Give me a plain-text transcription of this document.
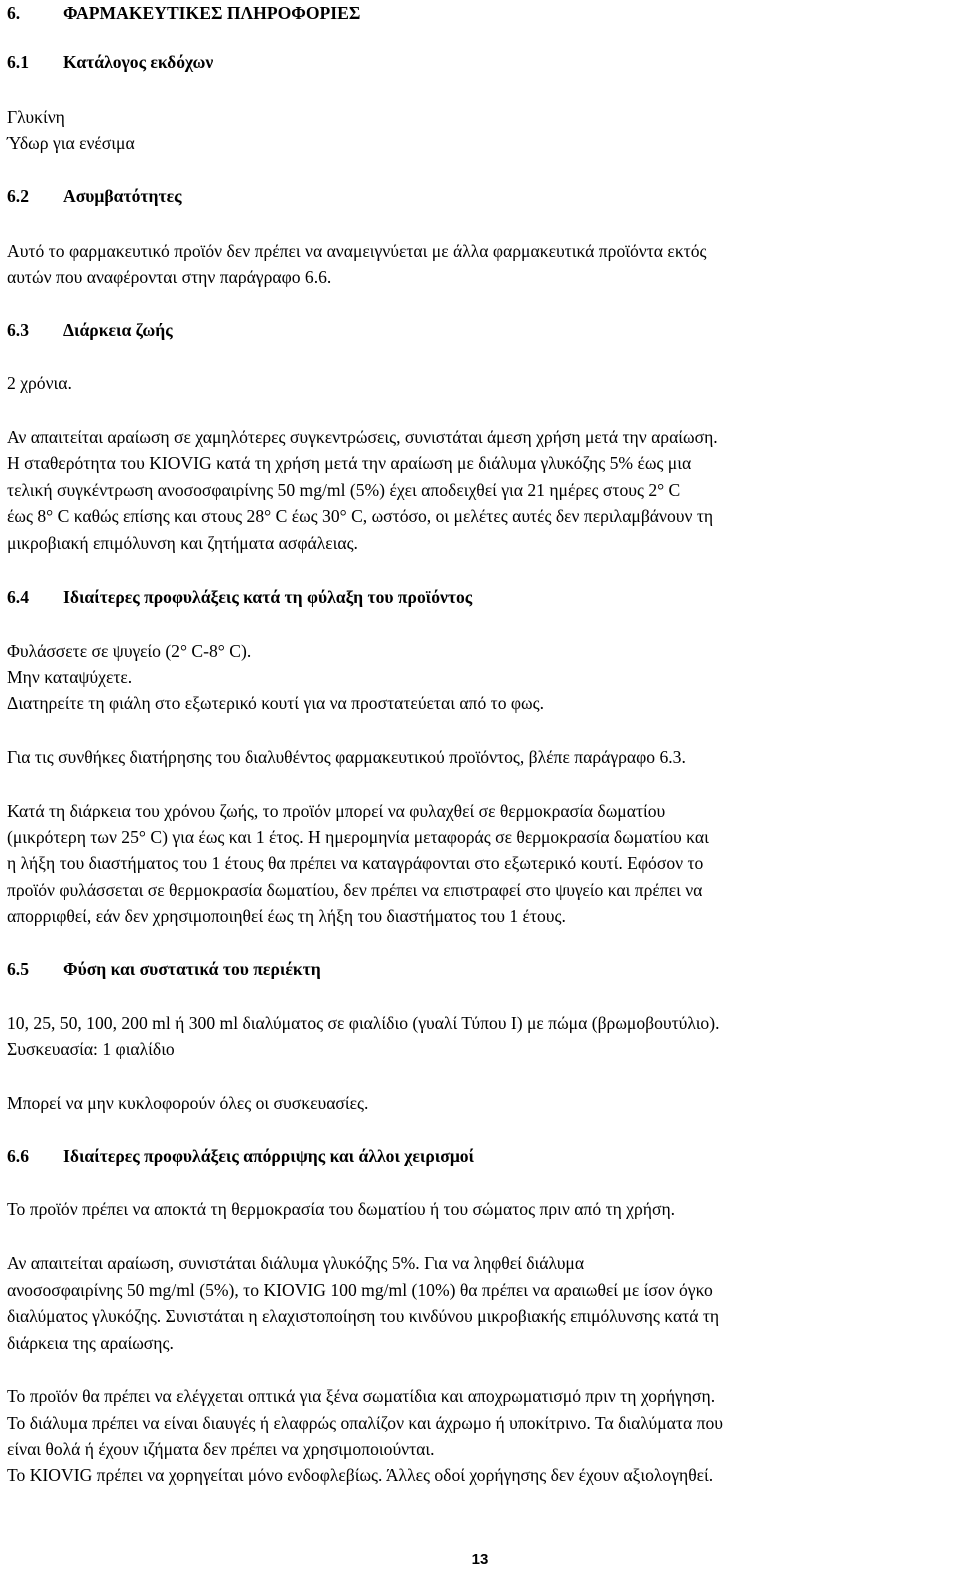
6. ΦΑΡΜΑΚΕΥΤΙΚΕΣ ΠΛΗΡΟΦΟΡΙΕΣ
6.1 Κατάλογος εκδόχων
Γλυκίνη
Ύδωρ για ενέσιμα
6.2 Ασυμβατότητες
Αυτό το φαρμακευτικό προϊόν δεν πρέπει να αναμειγνύεται με άλλα φαρμακευτικά προϊόντα εκτός
αυτών που αναφέρονται στην παράγραφο 6.6.
6.3 Διάρκεια ζωής
2 χρόνια.
Αν απαιτείται αραίωση σε χαμηλότερες συγκεντρώσεις, συνιστάται άμεση χρήση μετά την αραίωση.
Η σταθερότητα του KIOVIG κατά τη χρήση μετά την αραίωση με διάλυμα γλυκόζης 5% έως μια
τελική συγκέντρωση ανοσοσφαιρίνης 50 mg/ml (5%) έχει αποδειχθεί για 21 ημέρες στους 2° C
έως 8° C καθώς επίσης και στους 28° C έως 30° C, ωστόσο, οι μελέτες αυτές δεν περιλαμβάνουν τη
μικροβιακή επιμόλυνση και ζητήματα ασφάλειας.
6.4 Ιδιαίτερες προφυλάξεις κατά τη φύλαξη του προϊόντος
Φυλάσσετε σε ψυγείο (2° C-8° C).
Μην καταψύχετε.
Διατηρείτε τη φιάλη στο εξωτερικό κουτί για να προστατεύεται από το φως.
Για τις συνθήκες διατήρησης του διαλυθέντος φαρμακευτικού προϊόντος, βλέπε παράγραφο 6.3.
Κατά τη διάρκεια του χρόνου ζωής, το προϊόν μπορεί να φυλαχθεί σε θερμοκρασία δωματίου
(μικρότερη των 25° C) για έως και 1 έτος. Η ημερομηνία μεταφοράς σε θερμοκρασία δωματίου και
η λήξη του διαστήματος του 1 έτους θα πρέπει να καταγράφονται στο εξωτερικό κουτί. Εφόσον το
προϊόν φυλάσσεται σε θερμοκρασία δωματίου, δεν πρέπει να επιστραφεί στο ψυγείο και πρέπει να
απορριφθεί, εάν δεν χρησιμοποιηθεί έως τη λήξη του διαστήματος του 1 έτους.
6.5 Φύση και συστατικά του περιέκτη
10, 25, 50, 100, 200 ml ή 300 ml διαλύματος σε φιαλίδιο (γυαλί Τύπου Ι) με πώμα (βρωμοβουτύλιο).
Συσκευασία: 1 φιαλίδιο
Μπορεί να μην κυκλοφορούν όλες οι συσκευασίες.
6.6 Ιδιαίτερες προφυλάξεις απόρριψης και άλλοι χειρισμοί
Το προϊόν πρέπει να αποκτά τη θερμοκρασία του δωματίου ή του σώματος πριν από τη χρήση.
Αν απαιτείται αραίωση, συνιστάται διάλυμα γλυκόζης 5%. Για να ληφθεί διάλυμα
ανοσοσφαιρίνης 50 mg/ml (5%), το KIOVIG 100 mg/ml (10%) θα πρέπει να αραιωθεί με ίσον όγκο
διαλύματος γλυκόζης. Συνιστάται η ελαχιστοποίηση του κινδύνου μικροβιακής επιμόλυνσης κατά τη
διάρκεια της αραίωσης.
Το προϊόν θα πρέπει να ελέγχεται οπτικά για ξένα σωματίδια και αποχρωματισμό πριν τη χορήγηση.
Το διάλυμα πρέπει να είναι διαυγές ή ελαφρώς οπαλίζον και άχρωμο ή υποκίτρινο. Τα διαλύματα που
είναι θολά ή έχουν ιζήματα δεν πρέπει να χρησιμοποιούνται.
Το KIOVIG πρέπει να χορηγείται μόνο ενδοφλεβίως. Άλλες οδοί χορήγησης δεν έχουν αξιολογηθεί.
13
